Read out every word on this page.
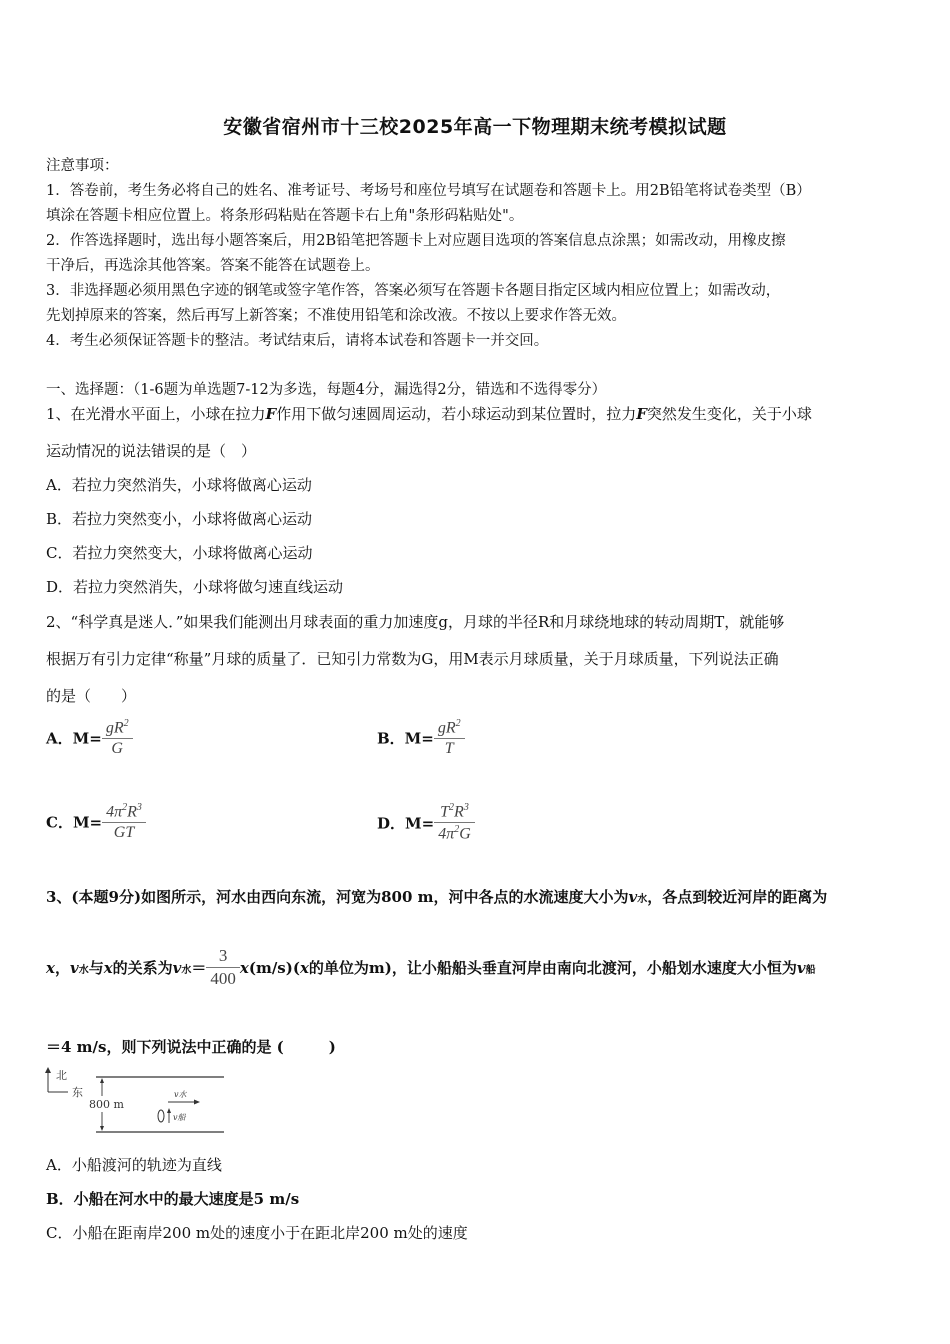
安徽省宿州市十三校2025年高一下物理期末统考模拟试题
注意事项：
1．答卷前，考生务必将自己的姓名、准考证号、考场号和座位号填写在试题卷和答题卡上。用2B铅笔将试卷类型（B）
填涂在答题卡相应位置上。将条形码粘贴在答题卡右上角"条形码粘贴处"。
2．作答选择题时，选出每小题答案后，用2B铅笔把答题卡上对应题目选项的答案信息点涂黑；如需改动，用橡皮擦
干净后，再选涂其他答案。答案不能答在试题卷上。
3．非选择题必须用黑色字迹的钢笔或签字笔作答，答案必须写在答题卡各题目指定区域内相应位置上；如需改动，
先划掉原来的答案，然后再写上新答案；不准使用铅笔和涂改液。不按以上要求作答无效。
4．考生必须保证答题卡的整洁。考试结束后，请将本试卷和答题卡一并交回。
一、选择题：（1-6题为单选题7-12为多选，每题4分，漏选得2分，错选和不选得零分）
1、在光滑水平面上，小球在拉力F作用下做匀速圆周运动，若小球运动到某位置时，拉力F突然发生变化，关于小球
运动情况的说法错误的是（　）
A．若拉力突然消失，小球将做离心运动
B．若拉力突然变小，小球将做离心运动
C．若拉力突然变大，小球将做离心运动
D．若拉力突然消失，小球将做匀速直线运动
2、“科学真是迷人．”如果我们能测出月球表面的重力加速度g，月球的半径R和月球绕地球的转动周期T，就能够
根据万有引力定律“称量”月球的质量了．已知引力常数为G，用M表示月球质量，关于月球质量，下列说法正确
的是（　　）
A．$M= \frac{gR^2}{G}$	B．$M= \frac{gR^2}{T}$
C．$M= \frac{4\pi^2R^3}{GT}$	D．$M= \frac{T^2R^3}{4\pi^2G}$
3、(本题9分)如图所示，河水由西向东流，河宽为800 m，河中各点的水流速度大小为v水，各点到较近河岸的距离为
x，v水与x的关系为v水＝ $\frac{3}{400} x(m/s)(x$的单位为m)，让小船船头垂直河岸由南向北渡河，小船划水速度大小恒为v船
＝4 m/s，则下列说法中正确的是 (　　　)
北
东
800 m
v水
v船
A．小船渡河的轨迹为直线
B．小船在河水中的最大速度是5 m/s
C．小船在距南岸200 m处的速度小于在距北岸200 m处的速度
